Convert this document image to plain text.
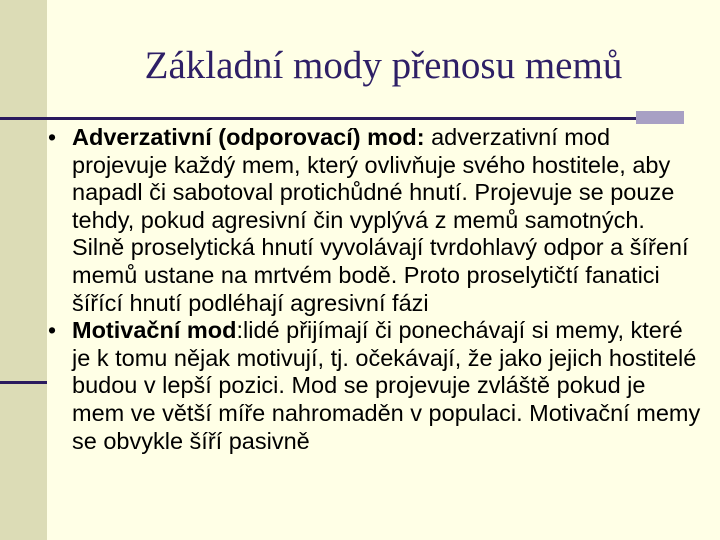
Základní mody přenosu memů

• Adverzativní (odporovací) mod: adverzativní mod projevuje každý mem, který ovlivňuje svého hostitele, aby napadl či sabotoval protichůdné hnutí. Projevuje se pouze tehdy, pokud agresivní čin vyplývá z memů samotných. Silně proselytická hnutí vyvolávají tvrdohlavý odpor a šíření memů ustane na mrtvém bodě. Proto proselytičtí fanatici šířící hnutí podléhají agresivní fázi

• Motivační mod:lidé přijímají či ponechávají si memy, které je k tomu nějak motivují, tj. očekávají, že jako jejich hostitelé budou v lepší pozici. Mod se projevuje zvláště pokud je mem ve větší míře nahromaděn v populaci. Motivační memy se obvykle šíří pasivně
